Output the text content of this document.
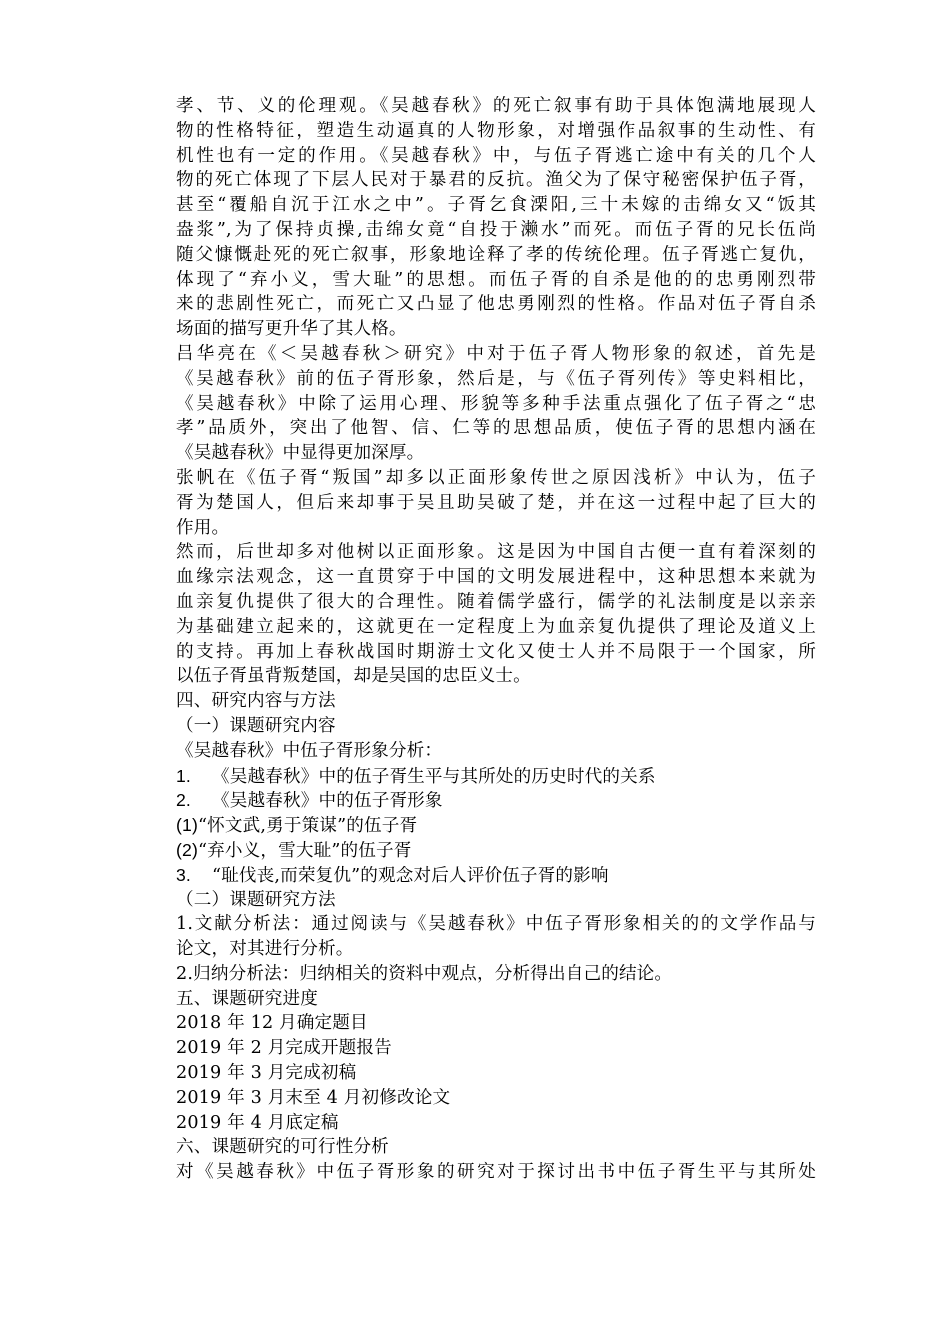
孝、节、义的伦理观。《吴越春秋》的死亡叙事有助于具体饱满地展现人
物的性格特征，塑造生动逼真的人物形象，对增强作品叙事的生动性、有
机性也有一定的作用。《吴越春秋》中，与伍子胥逃亡途中有关的几个人
物的死亡体现了下层人民对于暴君的反抗。渔父为了保守秘密保护伍子胥，
甚至“覆船自沉于江水之中”。子胥乞食溧阳,三十未嫁的击绵女又“饭其
盎浆”,为了保持贞操,击绵女竟“自投于濑水”而死。而伍子胥的兄长伍尚
随父慷慨赴死的死亡叙事，形象地诠释了孝的传统伦理。伍子胥逃亡复仇，
体现了“弃小义，雪大耻”的思想。而伍子胥的自杀是他的的忠勇刚烈带
来的悲剧性死亡，而死亡又凸显了他忠勇刚烈的性格。作品对伍子胥自杀
场面的描写更升华了其人格。
吕华亮在《＜吴越春秋＞研究》中对于伍子胥人物形象的叙述，首先是
《吴越春秋》前的伍子胥形象，然后是，与《伍子胥列传》等史料相比，
《吴越春秋》中除了运用心理、形貌等多种手法重点强化了伍子胥之“忠
孝”品质外，突出了他智、信、仁等的思想品质，使伍子胥的思想内涵在
《吴越春秋》中显得更加深厚。
张帆在《伍子胥“叛国”却多以正面形象传世之原因浅析》中认为，伍子
胥为楚国人，但后来却事于吴且助吴破了楚，并在这一过程中起了巨大的
作用。
然而，后世却多对他树以正面形象。这是因为中国自古便一直有着深刻的
血缘宗法观念，这一直贯穿于中国的文明发展进程中，这种思想本来就为
血亲复仇提供了很大的合理性。随着儒学盛行，儒学的礼法制度是以亲亲
为基础建立起来的，这就更在一定程度上为血亲复仇提供了理论及道义上
的支持。再加上春秋战国时期游士文化又使士人并不局限于一个国家，所
以伍子胥虽背叛楚国，却是吴国的忠臣义士。
四、研究内容与方法
（一）课题研究内容
《吴越春秋》中伍子胥形象分析：
1. 《吴越春秋》中的伍子胥生平与其所处的历史时代的关系
2. 《吴越春秋》中的伍子胥形象
(1)“怀文武,勇于策谋”的伍子胥
(2)“弃小义，雪大耻”的伍子胥
3. “耻伐丧,而荣复仇”的观念对后人评价伍子胥的影响
（二）课题研究方法
1.文献分析法：通过阅读与《吴越春秋》中伍子胥形象相关的的文学作品与
论文，对其进行分析。
2.归纳分析法：归纳相关的资料中观点，分析得出自己的结论。
五、课题研究进度
2018 年 12 月确定题目
2019 年 2 月完成开题报告
2019 年 3 月完成初稿
2019 年 3 月末至 4 月初修改论文
2019 年 4 月底定稿
六、课题研究的可行性分析
对《吴越春秋》中伍子胥形象的研究对于探讨出书中伍子胥生平与其所处
